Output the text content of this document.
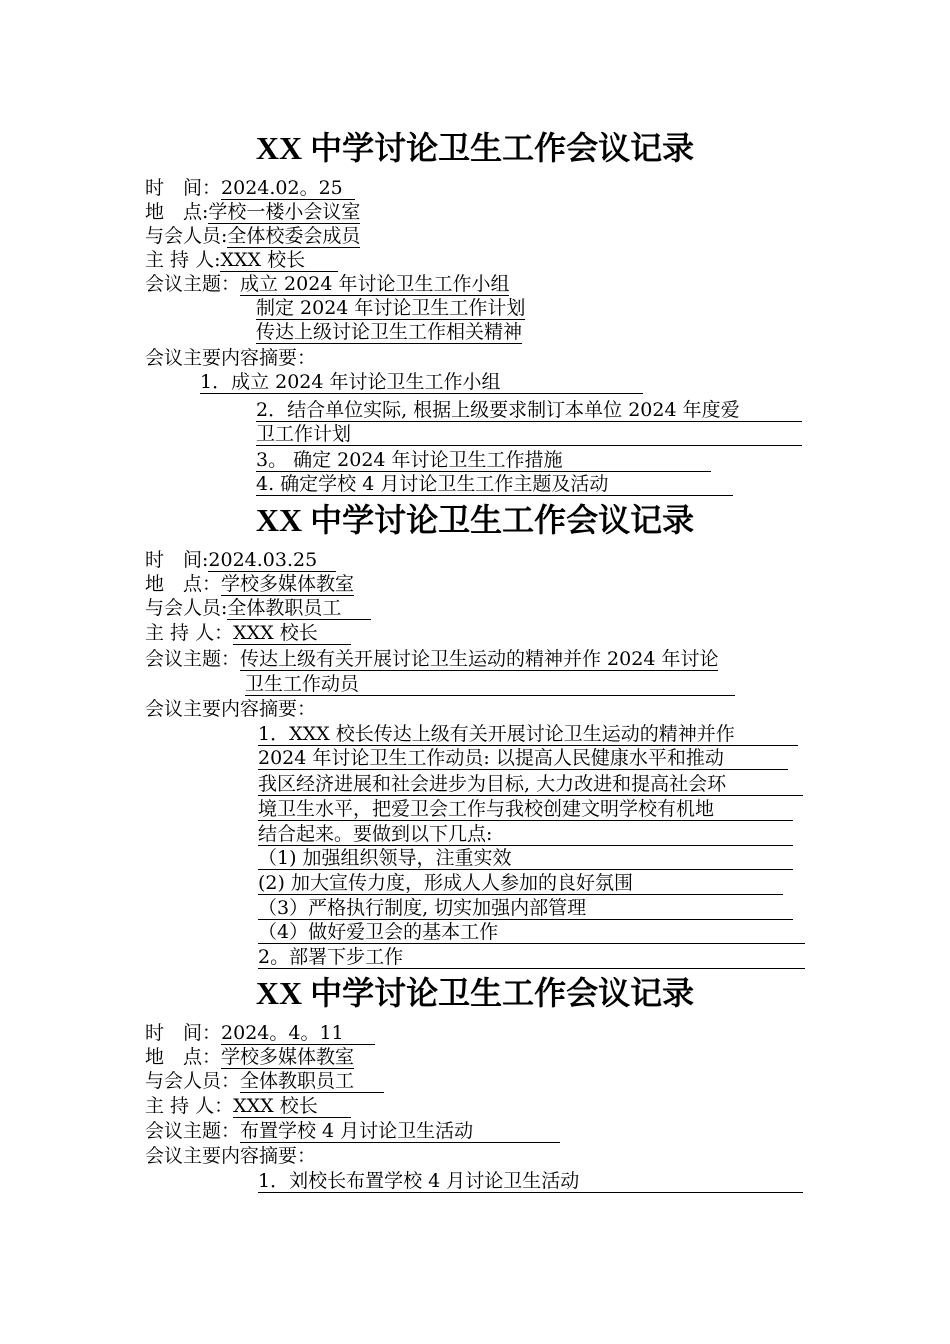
XX 中学讨论卫生工作会议记录
时　间：2024.02。25
地　点:学校一楼小会议室
与会人员:全体校委会成员
主 持 人:XXX 校长
会议主题：成立 2024 年讨论卫生工作小组
制定 2024 年讨论卫生工作计划
传达上级讨论卫生工作相关精神
会议主要内容摘要：
1．成立 2024 年讨论卫生工作小组
2．结合单位实际, 根据上级要求制订本单位 2024 年度爱
卫工作计划
3。 确定 2024 年讨论卫生工作措施
4. 确定学校 4 月讨论卫生工作主题及活动
XX 中学讨论卫生工作会议记录
时　间:2024.03.25
地　点：学校多媒体教室
与会人员:全体教职员工
主 持 人：XXX 校长
会议主题：传达上级有关开展讨论卫生运动的精神并作 2024 年讨论
卫生工作动员
会议主要内容摘要：
1．XXX 校长传达上级有关开展讨论卫生运动的精神并作
2024 年讨论卫生工作动员: 以提高人民健康水平和推动
我区经济进展和社会进步为目标, 大力改进和提高社会环
境卫生水平，把爱卫会工作与我校创建文明学校有机地
结合起来。要做到以下几点:
（1) 加强组织领导，注重实效
(2) 加大宣传力度，形成人人参加的良好氛围
（3）严格执行制度, 切实加强内部管理
（4）做好爱卫会的基本工作
2。部署下步工作
XX 中学讨论卫生工作会议记录
时　间：2024。4。11
地　点：学校多媒体教室
与会人员：全体教职员工
主 持 人：XXX 校长
会议主题：布置学校 4 月讨论卫生活动
会议主要内容摘要：
1．刘校长布置学校 4 月讨论卫生活动
